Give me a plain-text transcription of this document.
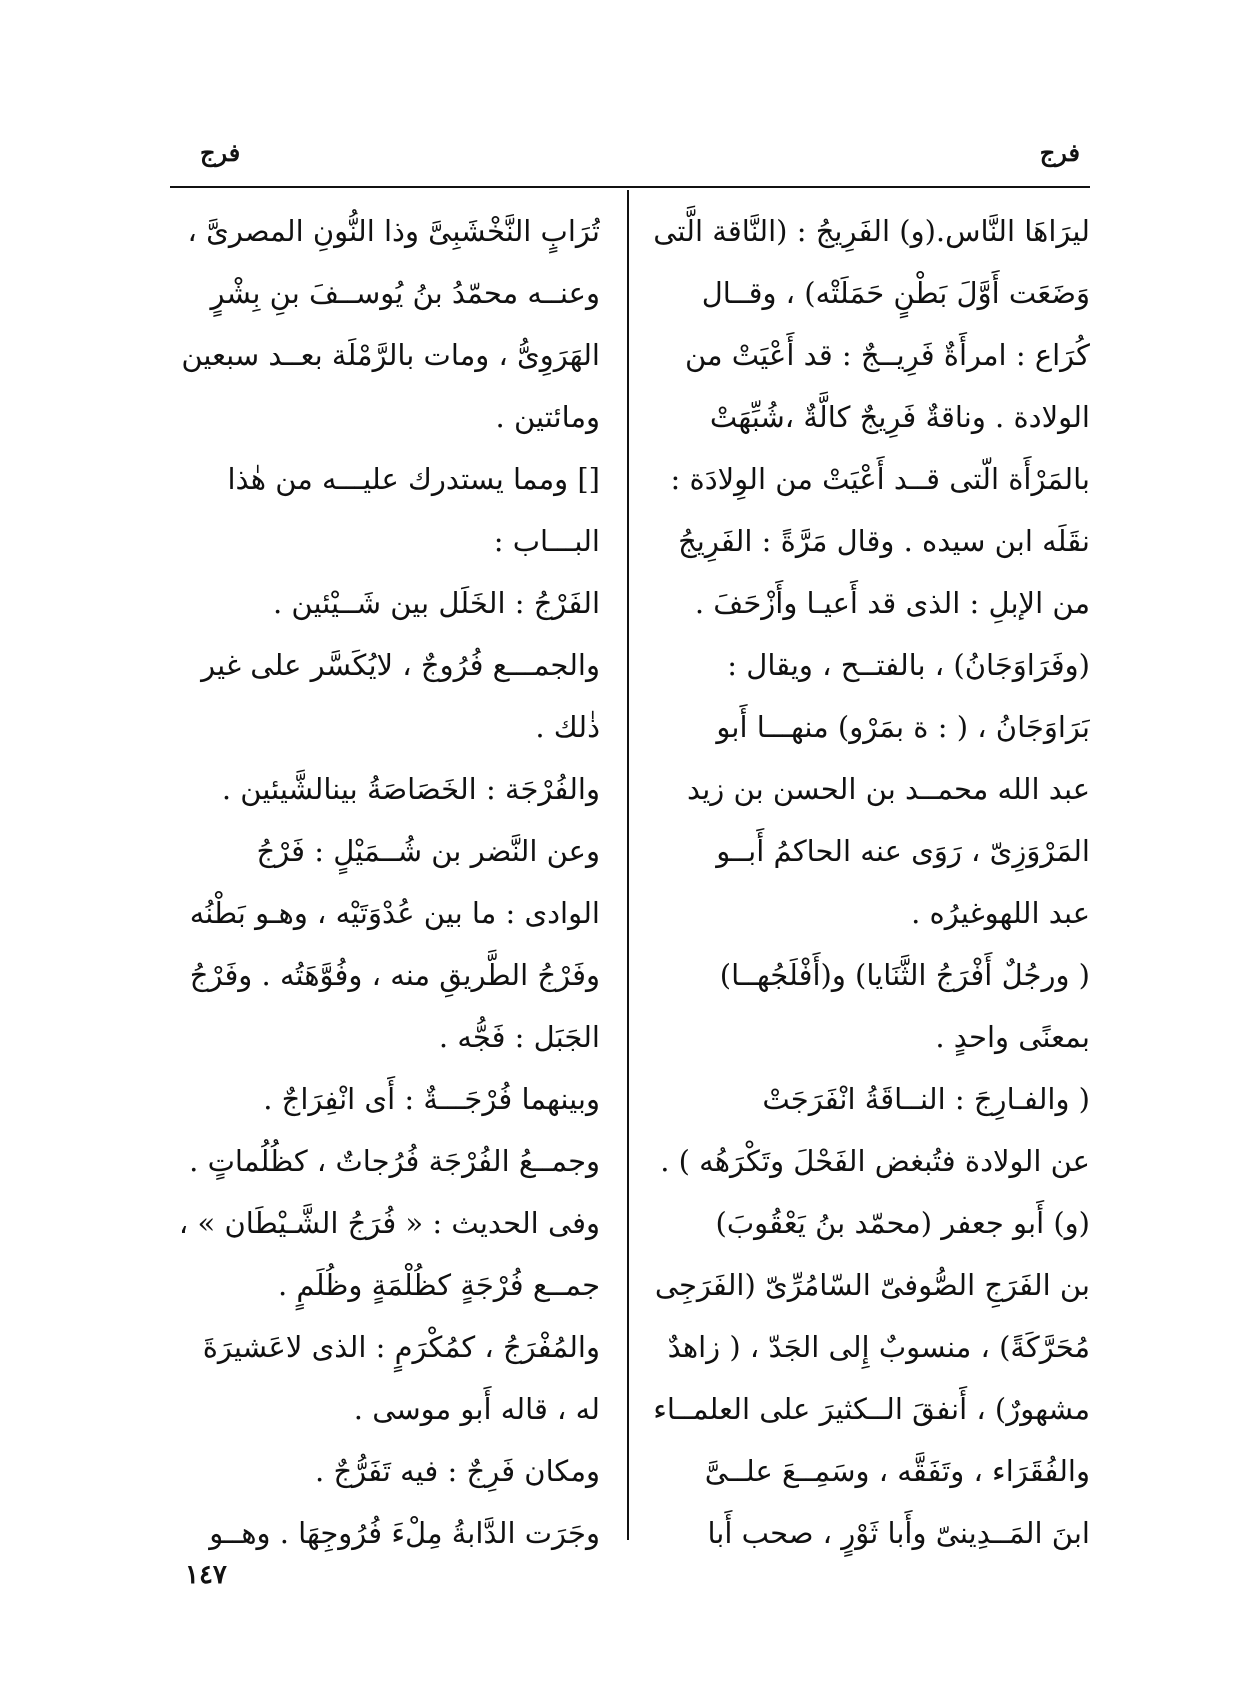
فرج
فرج
ليرَاهَا النَّاس.(و) الفَرِيجُ : (النَّاقة الَّتى
وَضَعَت أَوَّلَ بَطْنٍ حَمَلَتْه) ، وقــال
كُرَاع : امرأَةٌ فَرِيــجٌ : قد أَعْيَتْ من
الولادة . وناقةٌ فَرِيجٌ كالَّةٌ ،شُبِّهَتْ
بالمَرْأَة الّتى قــد أَعْيَتْ من الوِلادَة :
نقَلَه ابن سيده . وقال مَرَّةً : الفَرِيجُ
من الإبلِ : الذى قد أَعيـا وأَزْحَفَ .
(وفَرَاوَجَانُ) ، بالفتــح ، ويقال :
بَرَاوَجَانُ ، ( : ة بمَرْو) منهـــا أَبو
عبد الله محمــد بن الحسن بن زيد
المَرْوَزِىّ ، رَوَى عنه الحاكمُ أَبــو
عبد اللهوغيرُه .
( ورجُلٌ أَفْرَجُ الثَّنَايا) و(أَفْلَجُهــا)
بمعنًى واحدٍ .
( والفـارِجَ : النــاقَةُ انْفَرَجَتْ
عن الولادة فتُبغض الفَحْلَ وتَكْرَهُه ) .
(و) أَبو جعفر (محمّد بنُ يَعْقُوبَ)
بن الفَرَجِ الصُّوفىّ السّامُرِّىّ (الفَرَجِى
مُحَرَّكَةً) ، منسوبٌ إِلى الجَدّ ، ( زاهدٌ
مشهورٌ) ، أَنفقَ الــكثيرَ على العلمــاء
والفُقَرَاء ، وتَفَقَّه ، وسَمِــعَ علــىَّ
ابنَ المَــدِينىّ وأَبا ثَوْرٍ ، صحب أَبا
تُرَابٍ النَّخْشَبِىَّ وذا النُّونِ المصرىَّ ،
وعنــه محمّدُ بنُ يُوســفَ بنِ بِشْرٍ
الهَرَوِىُّ ، ومات بالرَّمْلَة بعــد سبعين
ومائتين .
[] ومما يستدرك عليـــه من هٰذا
البـــاب :
الفَرْجُ : الخَلَل بين شَــيْئين .
والجمـــع فُرُوجٌ ، لايُكَسَّر على غير
ذٰلك .
والفُرْجَة : الخَصَاصَةُ بينالشَّيئين .
وعن النَّضر بن شُــمَيْلٍ : فَرْجُ
الوادى : ما بين عُدْوَتَيْه ، وهـو بَطْنُه
وفَرْجُ الطَّريقِ منه ، وفُوَّهَتُه . وفَرْجُ
الجَبَل : فَجُّه .
وبينهما فُرْجَـــةٌ : أَى انْفِرَاجٌ .
وجمــعُ الفُرْجَة فُرُجاتٌ ، كظُلُماتٍ .
وفى الحديث : « فُرَجُ الشَّـيْطَان » ،
جمــع فُرْجَةٍ كظُلْمَةٍ وظُلَمٍ .
والمُفْرَجُ ، كمُكْرَمٍ : الذى لاعَشيرَةَ
له ، قاله أَبو موسى .
ومكان فَرِجٌ : فيه تَفَرُّجٌ .
وجَرَت الدَّابةُ مِلْءَ فُرُوجِهَا . وهــو
١٤٧
